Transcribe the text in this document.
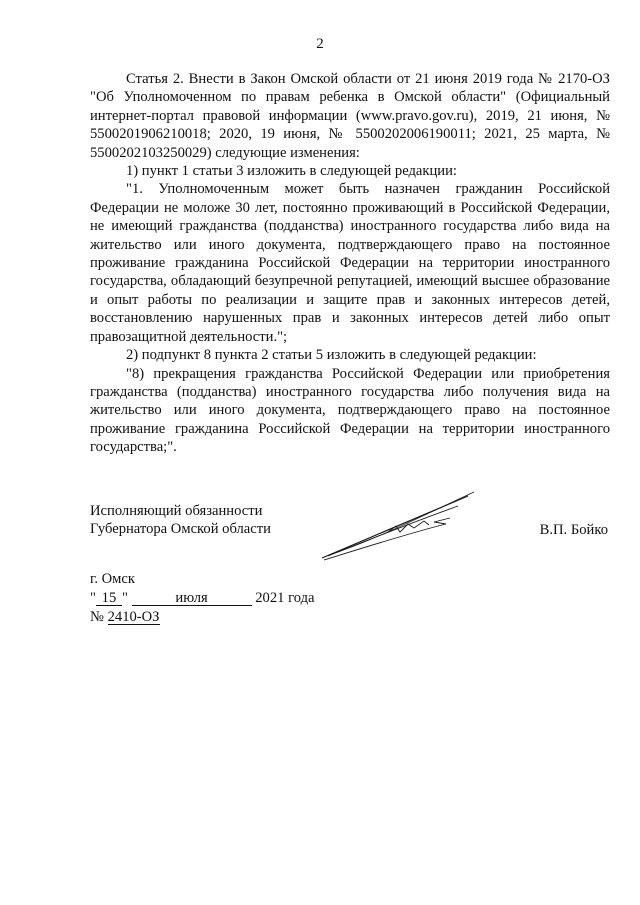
2

Статья 2. Внести в Закон Омской области от 21 июня 2019 года № 2170-ОЗ "Об Уполномоченном по правам ребенка в Омской области" (Официальный интернет-портал правовой информации (www.pravo.gov.ru), 2019, 21 июня, № 5500201906210018; 2020, 19 июня, № 5500202006190011; 2021, 25 марта, № 5500202103250029) следующие изменения:

1) пункт 1 статьи 3 изложить в следующей редакции:

"1. Уполномоченным может быть назначен гражданин Российской Федерации не моложе 30 лет, постоянно проживающий в Российской Федерации, не имеющий гражданства (подданства) иностранного государства либо вида на жительство или иного документа, подтверждающего право на постоянное проживание гражданина Российской Федерации на территории иностранного государства, обладающий безупречной репутацией, имеющий высшее образование и опыт работы по реализации и защите прав и законных интересов детей, восстановлению нарушенных прав и законных интересов детей либо опыт правозащитной деятельности.";

2) подпункт 8 пункта 2 статьи 5 изложить в следующей редакции:

"8) прекращения гражданства Российской Федерации или приобретения гражданства (подданства) иностранного государства либо получения вида на жительство или иного документа, подтверждающего право на постоянное проживание гражданина Российской Федерации на территории иностранного государства;".

Исполняющий обязанности
Губернатора Омской области	В.П. Бойко
г. Омск
" 15 "	июля	2021 года
№ 2410-ОЗ
